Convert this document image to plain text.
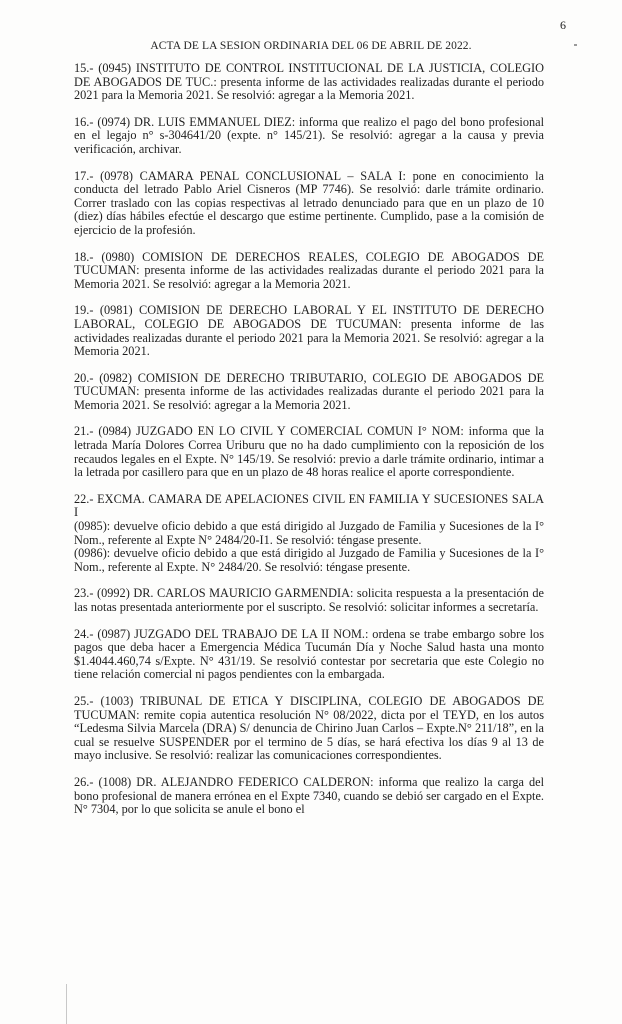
6
ACTA DE LA SESION ORDINARIA DEL 06 DE ABRIL DE 2022.

15.- (0945) INSTITUTO DE CONTROL INSTITUCIONAL DE LA JUSTICIA, COLEGIO DE ABOGADOS DE TUC.: presenta informe de las actividades realizadas durante el periodo 2021 para la Memoria 2021. Se resolvió: agregar a la Memoria 2021.

16.- (0974) DR. LUIS EMMANUEL DIEZ: informa que realizo el pago del bono profesional en el legajo n° s-304641/20 (expte. n° 145/21). Se resolvió: agregar a la causa y previa verificación, archivar.

17.- (0978) CAMARA PENAL CONCLUSIONAL – SALA I: pone en conocimiento la conducta del letrado Pablo Ariel Cisneros (MP 7746). Se resolvió: darle trámite ordinario. Correr traslado con las copias respectivas al letrado denunciado para que en un plazo de 10 (diez) días hábiles efectúe el descargo que estime pertinente. Cumplido, pase a la comisión de ejercicio de la profesión.

18.- (0980) COMISION DE DERECHOS REALES, COLEGIO DE ABOGADOS DE TUCUMAN: presenta informe de las actividades realizadas durante el periodo 2021 para la Memoria 2021. Se resolvió: agregar a la Memoria 2021.

19.- (0981) COMISION DE DERECHO LABORAL Y EL INSTITUTO DE DERECHO LABORAL, COLEGIO DE ABOGADOS DE TUCUMAN: presenta informe de las actividades realizadas durante el periodo 2021 para la Memoria 2021. Se resolvió: agregar a la Memoria 2021.

20.- (0982) COMISION DE DERECHO TRIBUTARIO, COLEGIO DE ABOGADOS DE TUCUMAN: presenta informe de las actividades realizadas durante el periodo 2021 para la Memoria 2021. Se resolvió: agregar a la Memoria 2021.

21.- (0984) JUZGADO EN LO CIVIL Y COMERCIAL COMUN I° NOM: informa que la letrada María Dolores Correa Uriburu que no ha dado cumplimiento con la reposición de los recaudos legales en el Expte. N° 145/19. Se resolvió: previo a darle trámite ordinario, intimar a la letrada por casillero para que en un plazo de 48 horas realice el aporte correspondiente.

22.- EXCMA. CAMARA DE APELACIONES CIVIL EN FAMILIA Y SUCESIONES SALA I

(0985): devuelve oficio debido a que está dirigido al Juzgado de Familia y Sucesiones de la I° Nom., referente al Expte N° 2484/20-I1. Se resolvió: téngase presente.

(0986): devuelve oficio debido a que está dirigido al Juzgado de Familia y Sucesiones de la I° Nom., referente al Expte. N° 2484/20. Se resolvió: téngase presente.

23.- (0992) DR. CARLOS MAURICIO GARMENDIA: solicita respuesta a la presentación de las notas presentada anteriormente por el suscripto. Se resolvió: solicitar informes a secretaría.

24.- (0987) JUZGADO DEL TRABAJO DE LA II NOM.: ordena se trabe embargo sobre los pagos que deba hacer a Emergencia Médica Tucumán Día y Noche Salud hasta una monto $1.4044.460,74 s/Expte. N° 431/19. Se resolvió contestar por secretaria que este Colegio no tiene relación comercial ni pagos pendientes con la embargada.

25.- (1003) TRIBUNAL DE ETICA Y DISCIPLINA, COLEGIO DE ABOGADOS DE TUCUMAN: remite copia autentica resolución N° 08/2022, dicta por el TEYD, en los autos “Ledesma Silvia Marcela (DRA) S/ denuncia de Chirino Juan Carlos – Expte.N° 211/18”, en la cual se resuelve SUSPENDER por el termino de 5 días, se hará efectiva los días 9 al 13 de mayo inclusive. Se resolvió: realizar las comunicaciones correspondientes.

26.- (1008) DR. ALEJANDRO FEDERICO CALDERON: informa que realizo la carga del bono profesional de manera errónea en el Expte 7340, cuando se debió ser cargado en el Expte. N° 7304, por lo que solicita se anule el bono el
